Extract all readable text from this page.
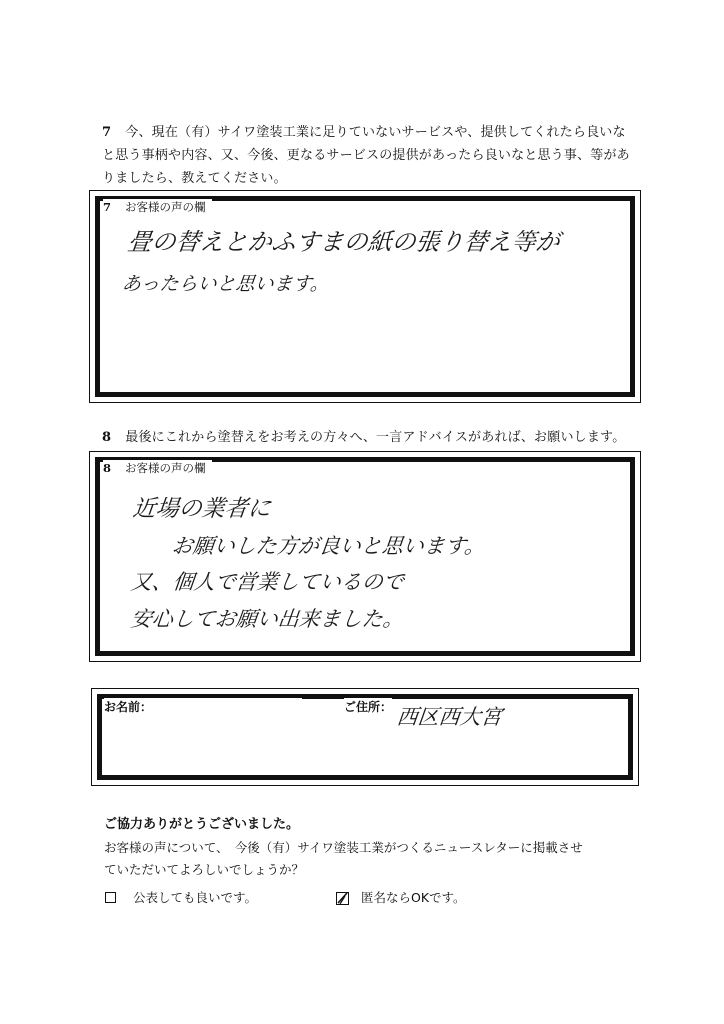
7 今、現在（有）サイワ塗装工業に足りていないサービスや、提供してくれたら良いなと思う事柄や内容、又、今後、更なるサービスの提供があったら良いなと思う事、等がありましたら、教えてください。
7 お客様の声の欄
畳の替えとかふすまの紙の張り替え等が
あったらいと思います。
8 最後にこれから塗替えをお考えの方々へ、一言アドバイスがあれば、お願いします。
8 お客様の声の欄
近場の業者に
お願いした方が良いと思います。
又、個人で営業しているので
安心してお願い出来ました。
お名前：	ご住所： 西区西大宮
ご協力ありがとうございました。
お客様の声について、　今後（有）サイワ塗装工業がつくるニュースレターに掲載させ
ていただいてよろしいでしょうか？
公表しても良いです。	匿名ならOKです。
